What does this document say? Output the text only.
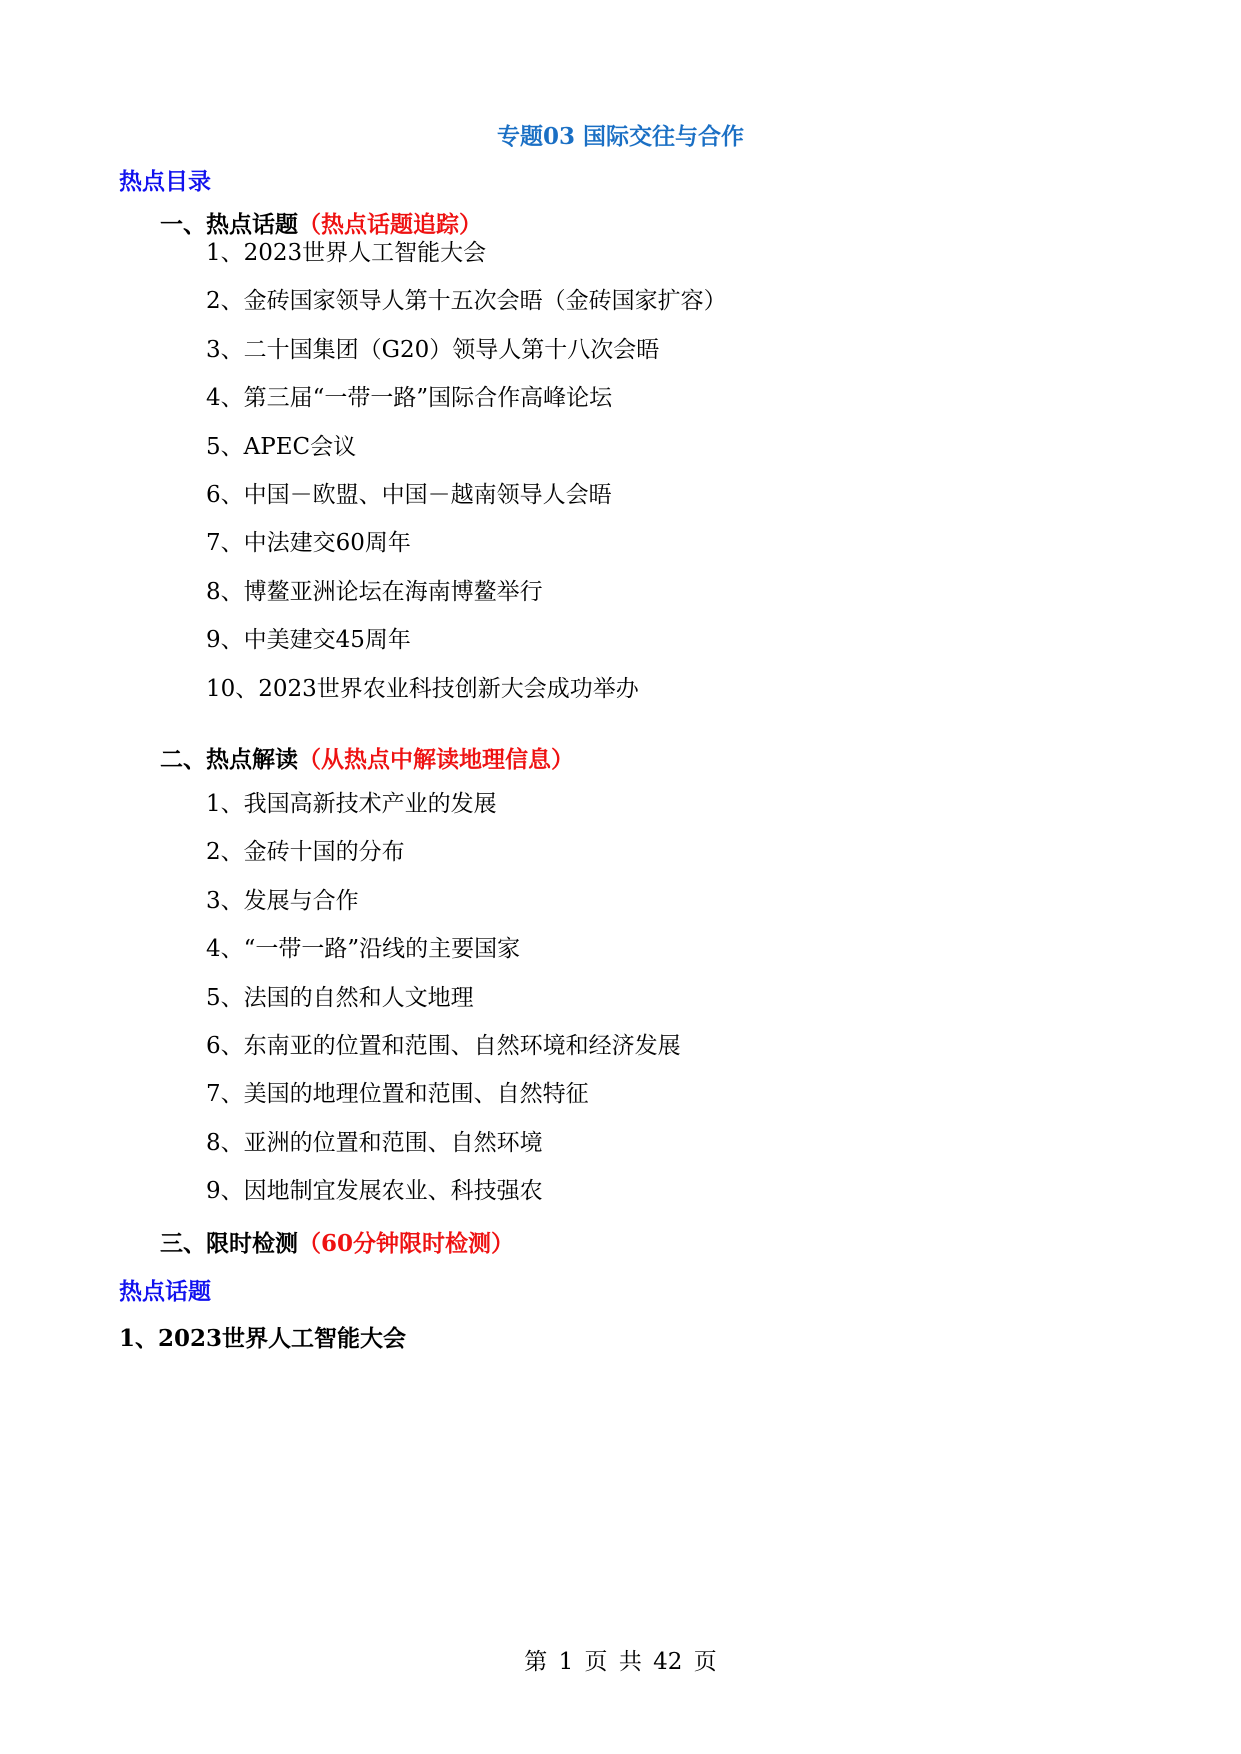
专题03 国际交往与合作
热点目录
一、热点话题（热点话题追踪）
1、2023世界人工智能大会
2、金砖国家领导人第十五次会晤（金砖国家扩容）
3、二十国集团（G20）领导人第十八次会晤
4、第三届“一带一路”国际合作高峰论坛
5、APEC会议
6、中国－欧盟、中国－越南领导人会晤
7、中法建交60周年
8、博鳌亚洲论坛在海南博鳌举行
9、中美建交45周年
10、2023世界农业科技创新大会成功举办
二、热点解读（从热点中解读地理信息）
1、我国高新技术产业的发展
2、金砖十国的分布
3、发展与合作
4、“一带一路”沿线的主要国家
5、法国的自然和人文地理
6、东南亚的位置和范围、自然环境和经济发展
7、美国的地理位置和范围、自然特征
8、亚洲的位置和范围、自然环境
9、因地制宜发展农业、科技强农
三、限时检测（60分钟限时检测）
热点话题
1、2023世界人工智能大会
第 1 页 共 42 页
